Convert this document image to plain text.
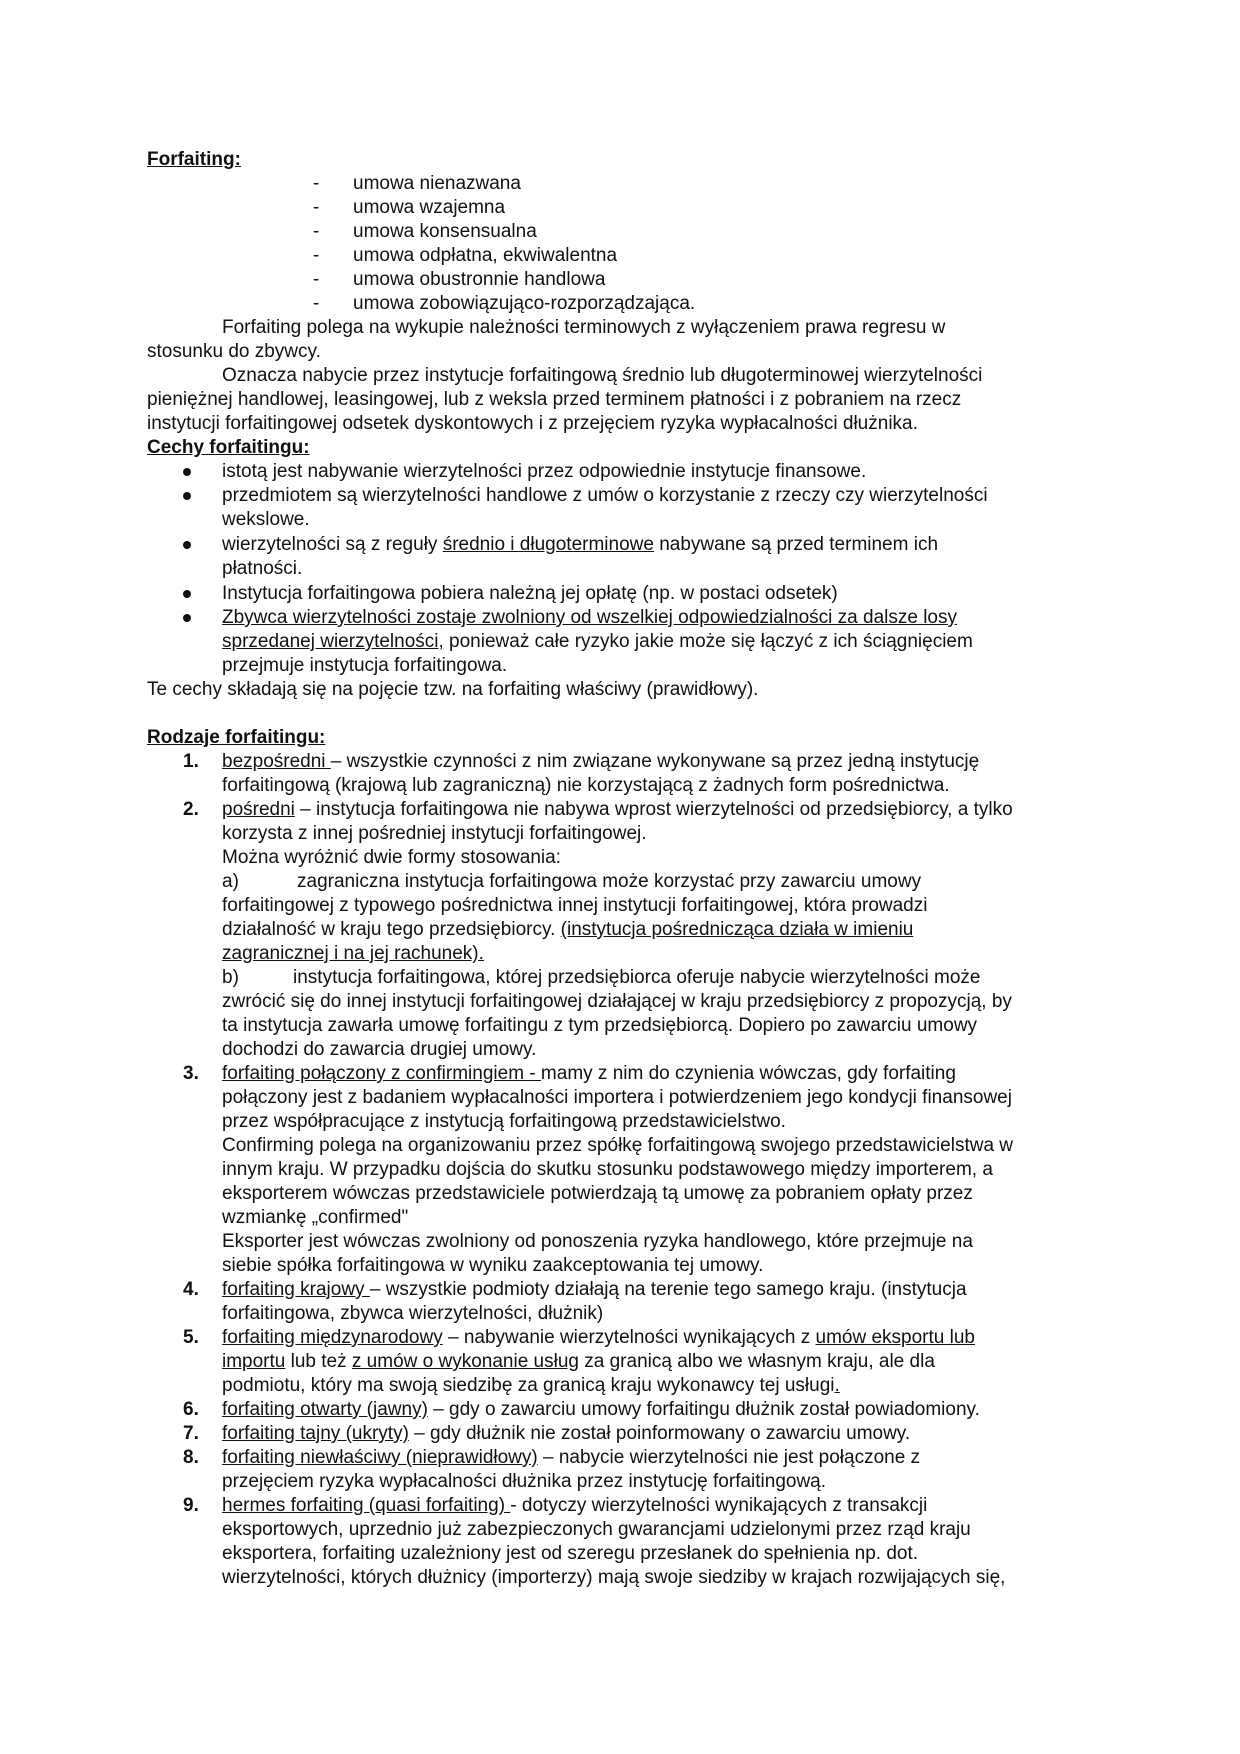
Forfaiting:
- umowa nienazwana
- umowa wzajemna
- umowa konsensualna
- umowa odpłatna, ekwiwalentna
- umowa obustronnie handlowa
- umowa zobowiązująco-rozporządzająca.
Forfaiting polega na wykupie należności terminowych z wyłączeniem prawa regresu w
stosunku do zbywcy.
Oznacza nabycie przez instytucje forfaitingową średnio lub długoterminowej wierzytelności
pieniężnej handlowej, leasingowej, lub z weksla przed terminem płatności i z pobraniem na rzecz
instytucji forfaitingowej odsetek dyskontowych i z przejęciem ryzyka wypłacalności dłużnika.
Cechy forfaitingu:
istotą jest nabywanie wierzytelności przez odpowiednie instytucje finansowe.
przedmiotem są wierzytelności handlowe z umów o korzystanie z rzeczy czy wierzytelności
wekslowe.
wierzytelności są z reguły średnio i długoterminowe nabywane są przed terminem ich
płatności.
Instytucja forfaitingowa pobiera należną jej opłatę (np. w postaci odsetek)
Zbywca wierzytelności zostaje zwolniony od wszelkiej odpowiedzialności za dalsze losy
sprzedanej wierzytelności, ponieważ całe ryzyko jakie może się łączyć z ich ściągnięciem
przejmuje instytucja forfaitingowa.
Te cechy składają się na pojęcie tzw. na forfaiting właściwy (prawidłowy).
Rodzaje forfaitingu:
1. bezpośredni – wszystkie czynności z nim związane wykonywane są przez jedną instytucję
forfaitingową (krajową lub zagraniczną) nie korzystającą z żadnych form pośrednictwa.
2. pośredni – instytucja forfaitingowa nie nabywa wprost wierzytelności od przedsiębiorcy, a tylko
korzysta z innej pośredniej instytucji forfaitingowej.
Można wyróżnić dwie formy stosowania:
a)	zagraniczna instytucja forfaitingowa może korzystać przy zawarciu umowy
forfaitingowej z typowego pośrednictwa innej instytucji forfaitingowej, która prowadzi
działalność w kraju tego przedsiębiorcy. (instytucja pośrednicząca działa w imieniu
zagranicznej i na jej rachunek).
b)	instytucja forfaitingowa, której przedsiębiorca oferuje nabycie wierzytelności może
zwrócić się do innej instytucji forfaitingowej działającej w kraju przedsiębiorcy z propozycją, by
ta instytucja zawarła umowę forfaitingu z tym przedsiębiorcą. Dopiero po zawarciu umowy
dochodzi do zawarcia drugiej umowy.
3. forfaiting połączony z confirmingiem - mamy z nim do czynienia wówczas, gdy forfaiting
połączony jest z badaniem wypłacalności importera i potwierdzeniem jego kondycji finansowej
przez współpracujące z instytucją forfaitingową przedstawicielstwo.
Confirming polega na organizowaniu przez spółkę forfaitingową swojego przedstawicielstwa w
innym kraju. W przypadku dojścia do skutku stosunku podstawowego między importerem, a
eksporterem wówczas przedstawiciele potwierdzają tą umowę za pobraniem opłaty przez
wzmiankę „confirmed"
Eksporter jest wówczas zwolniony od ponoszenia ryzyka handlowego, które przejmuje na
siebie spółka forfaitingowa w wyniku zaakceptowania tej umowy.
4. forfaiting krajowy – wszystkie podmioty działają na terenie tego samego kraju. (instytucja
forfaitingowa, zbywca wierzytelności, dłużnik)
5. forfaiting międzynarodowy – nabywanie wierzytelności wynikających z umów eksportu lub
importu lub też z umów o wykonanie usług za granicą albo we własnym kraju, ale dla
podmiotu, który ma swoją siedzibę za granicą kraju wykonawcy tej usługi.
6. forfaiting otwarty (jawny) – gdy o zawarciu umowy forfaitingu dłużnik został powiadomiony.
7. forfaiting tajny (ukryty) – gdy dłużnik nie został poinformowany o zawarciu umowy.
8. forfaiting niewłaściwy (nieprawidłowy) – nabycie wierzytelności nie jest połączone z
przejęciem ryzyka wypłacalności dłużnika przez instytucję forfaitingową.
9. hermes forfaiting (quasi forfaiting) - dotyczy wierzytelności wynikających z transakcji
eksportowych, uprzednio już zabezpieczonych gwarancjami udzielonymi przez rząd kraju
eksportera, forfaiting uzależniony jest od szeregu przesłanek do spełnienia np. dot.
wierzytelności, których dłużnicy (importerzy) mają swoje siedziby w krajach rozwijających się,
